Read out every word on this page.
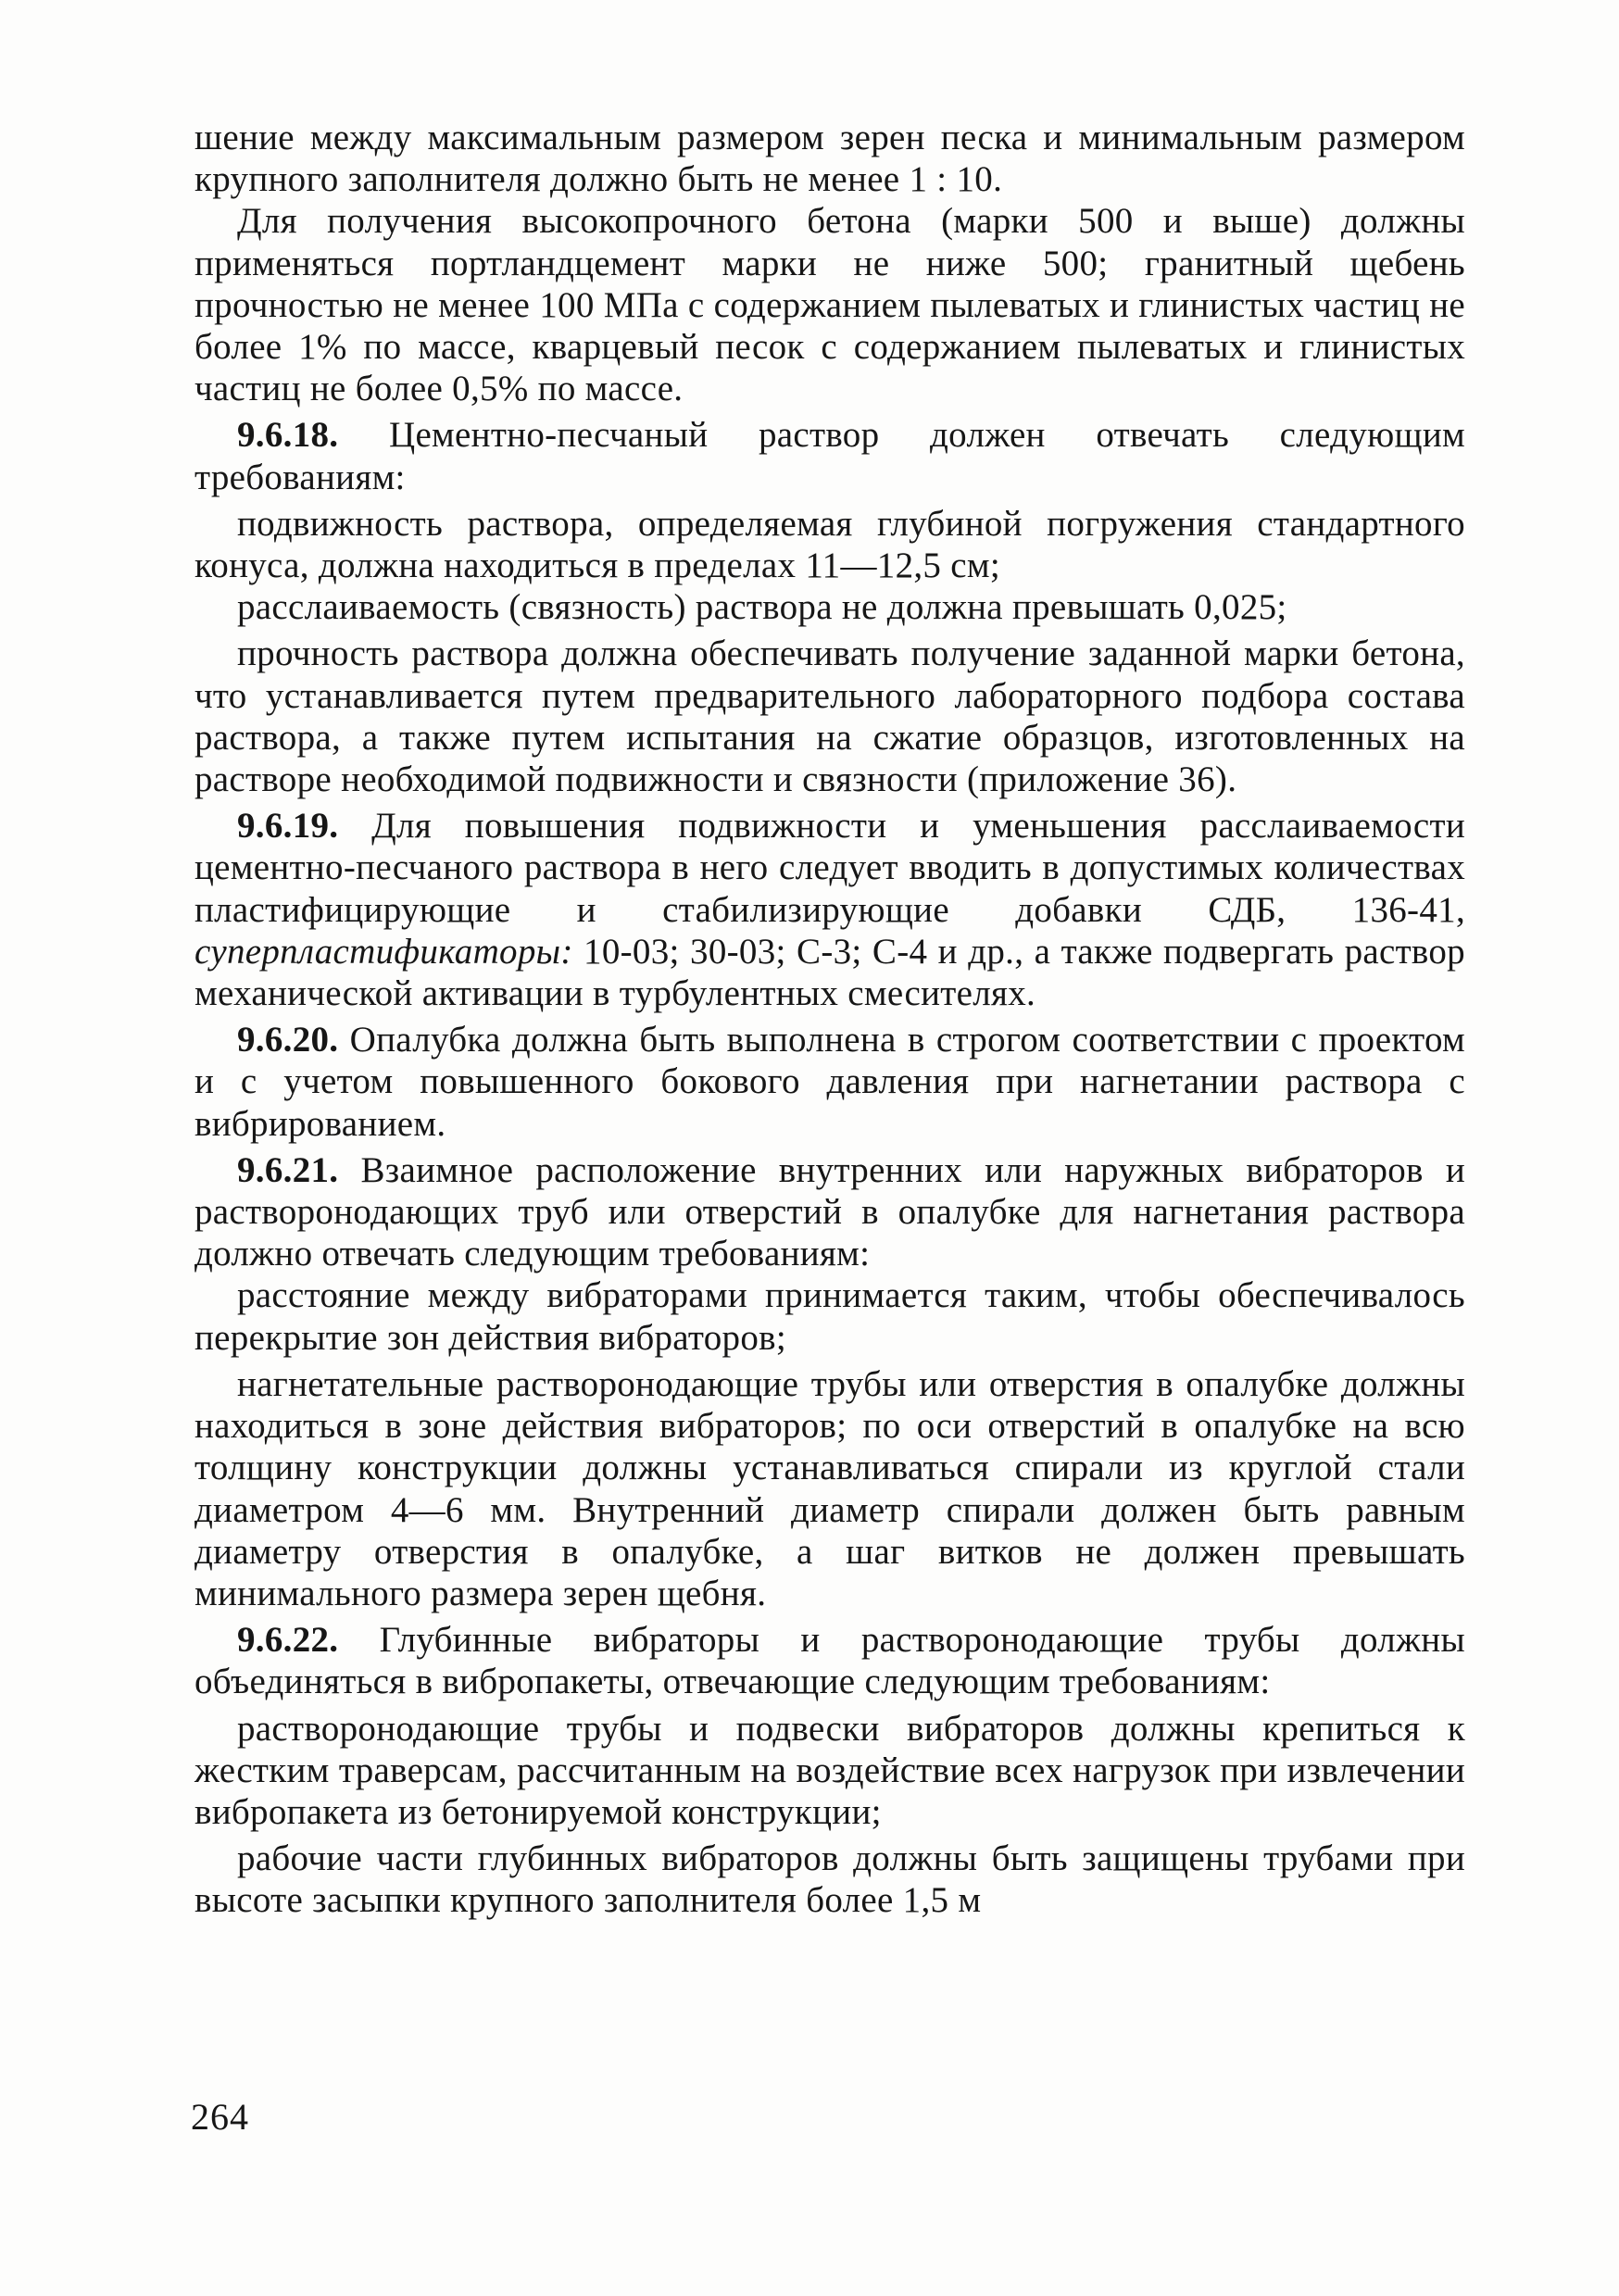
шение между максимальным размером зерен песка и минимальным размером крупного заполнителя должно быть не менее 1 : 10.

Для получения высокопрочного бетона (марки 500 и выше) должны применяться портландцемент марки не ниже 500; гранитный щебень прочностью не менее 100 МПа с содержанием пылеватых и глинистых частиц не более 1% по массе, кварцевый песок с содержанием пылеватых и глинистых частиц не более 0,5% по массе.

9.6.18. Цементно-песчаный раствор должен отвечать следующим требованиям:

подвижность раствора, определяемая глубиной погружения стандартного конуса, должна находиться в пределах 11—12,5 см;

расслаиваемость (связность) раствора не должна превышать 0,025;

прочность раствора должна обеспечивать получение заданной марки бетона, что устанавливается путем предварительного лабораторного подбора состава раствора, а также путем испытания на сжатие образцов, изготовленных на растворе необходимой подвижности и связности (приложение 36).

9.6.19. Для повышения подвижности и уменьшения расслаиваемости цементно-песчаного раствора в него следует вводить в допустимых количествах пластифицирующие и стабилизирующие добавки СДБ, 136-41, суперпластификаторы: 10-03; 30-03; С-3; С-4 и др., а также подвергать раствор механической активации в турбулентных смесителях.

9.6.20. Опалубка должна быть выполнена в строгом соответствии с проектом и с учетом повышенного бокового давления при нагнетании раствора с вибрированием.

9.6.21. Взаимное расположение внутренних или наружных вибраторов и растворонодающих труб или отверстий в опалубке для нагнетания раствора должно отвечать следующим требованиям:

расстояние между вибраторами принимается таким, чтобы обеспечивалось перекрытие зон действия вибраторов;

нагнетательные растворонодающие трубы или отверстия в опалубке должны находиться в зоне действия вибраторов; по оси отверстий в опалубке на всю толщину конструкции должны устанавливаться спирали из круглой стали диаметром 4—6 мм. Внутренний диаметр спирали должен быть равным диаметру отверстия в опалубке, а шаг витков не должен превышать минимального размера зерен щебня.

9.6.22. Глубинные вибраторы и растворонодающие трубы должны объединяться в вибропакеты, отвечающие следующим требованиям:

растворонодающие трубы и подвески вибраторов должны крепиться к жестким траверсам, рассчитанным на воздействие всех нагрузок при извлечении вибропакета из бетонируемой конструкции;

рабочие части глубинных вибраторов должны быть защищены трубами при высоте засыпки крупного заполнителя более 1,5 м

264
